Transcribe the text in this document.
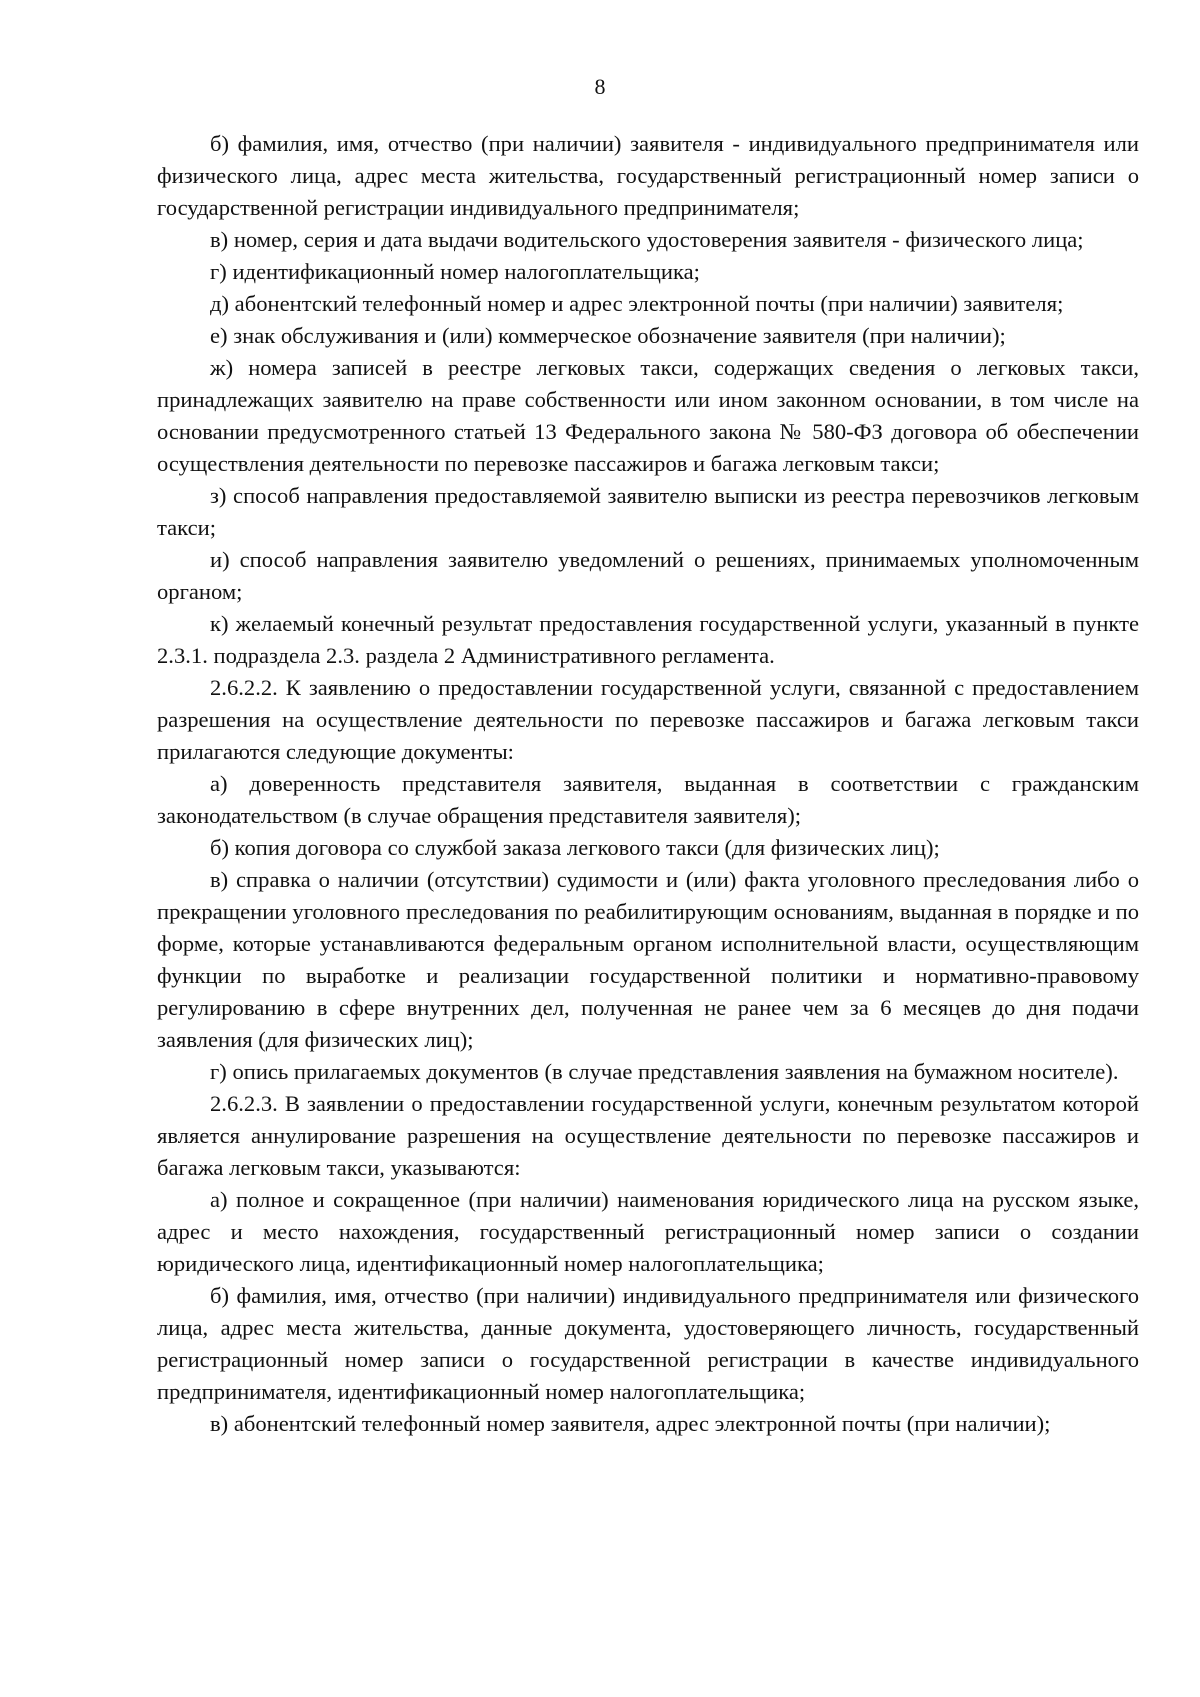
8

б) фамилия, имя, отчество (при наличии) заявителя - индивидуального предпринимателя или физического лица, адрес места жительства, государственный регистрационный номер записи о государственной регистрации индивидуального предпринимателя;

в) номер, серия и дата выдачи водительского удостоверения заявителя - физического лица;

г) идентификационный номер налогоплательщика;

д) абонентский телефонный номер и адрес электронной почты (при наличии) заявителя;

е) знак обслуживания и (или) коммерческое обозначение заявителя (при наличии);

ж) номера записей в реестре легковых такси, содержащих сведения о легковых такси, принадлежащих заявителю на праве собственности или ином законном основании, в том числе на основании предусмотренного статьей 13 Федерального закона № 580-ФЗ договора об обеспечении осуществления деятельности по перевозке пассажиров и багажа легковым такси;

з) способ направления предоставляемой заявителю выписки из реестра перевозчиков легковым такси;

и) способ направления заявителю уведомлений о решениях, принимаемых уполномоченным органом;

к) желаемый конечный результат предоставления государственной услуги, указанный в пункте 2.3.1. подраздела 2.3. раздела 2 Административного регламента.

2.6.2.2. К заявлению о предоставлении государственной услуги, связанной с предоставлением разрешения на осуществление деятельности по перевозке пассажиров и багажа легковым такси прилагаются следующие документы:

а) доверенность представителя заявителя, выданная в соответствии с гражданским законодательством (в случае обращения представителя заявителя);

б) копия договора со службой заказа легкового такси (для физических лиц);

в) справка о наличии (отсутствии) судимости и (или) факта уголовного преследования либо о прекращении уголовного преследования по реабилитирующим основаниям, выданная в порядке и по форме, которые устанавливаются федеральным органом исполнительной власти, осуществляющим функции по выработке и реализации государственной политики и нормативно-правовому регулированию в сфере внутренних дел, полученная не ранее чем за 6 месяцев до дня подачи заявления (для физических лиц);

г) опись прилагаемых документов (в случае представления заявления на бумажном носителе).

2.6.2.3. В заявлении о предоставлении государственной услуги, конечным результатом которой является аннулирование разрешения на осуществление деятельности по перевозке пассажиров и багажа легковым такси, указываются:

а) полное и сокращенное (при наличии) наименования юридического лица на русском языке, адрес и место нахождения, государственный регистрационный номер записи о создании юридического лица, идентификационный номер налогоплательщика;

б) фамилия, имя, отчество (при наличии) индивидуального предпринимателя или физического лица, адрес места жительства, данные документа, удостоверяющего личность, государственный регистрационный номер записи о государственной регистрации в качестве индивидуального предпринимателя, идентификационный номер налогоплательщика;

в) абонентский телефонный номер заявителя, адрес электронной почты (при наличии);
